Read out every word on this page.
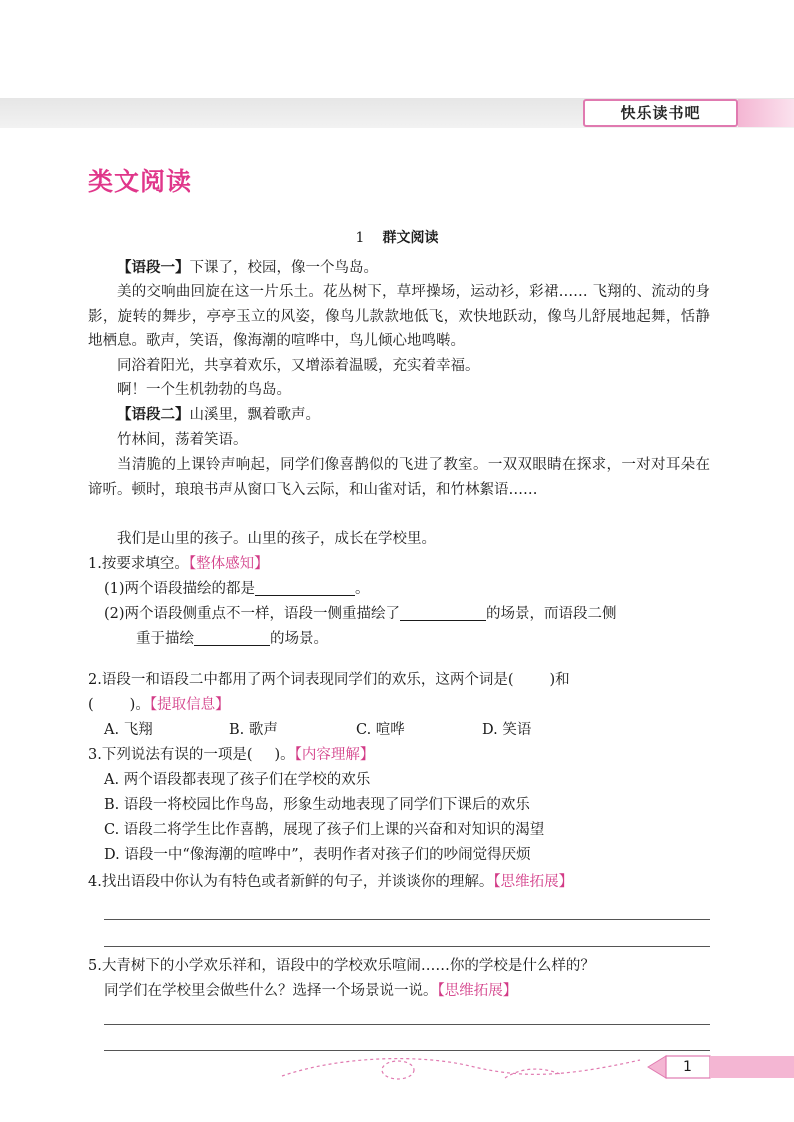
快乐读书吧
类文阅读
1 群文阅读
【语段一】下课了，校园，像一个鸟岛。
美的交响曲回旋在这一片乐土。花丛树下，草坪操场，运动衫，彩裙…… 飞翔的、流动的身影，旋转的舞步，亭亭玉立的风姿，像鸟儿款款地低飞，欢快地跃动，像鸟儿舒展地起舞，恬静地栖息。歌声，笑语，像海潮的喧哗中，鸟儿倾心地鸣啭。
同浴着阳光，共享着欢乐，又增添着温暖，充实着幸福。
啊！一个生机勃勃的鸟岛。
【语段二】山溪里，飘着歌声。
竹林间，荡着笑语。
当清脆的上课铃声响起，同学们像喜鹊似的飞进了教室。一双双眼睛在探求，一对对耳朵在谛听。顿时，琅琅书声从窗口飞入云际，和山雀对话，和竹林絮语……
我们是山里的孩子。山里的孩子，成长在学校里。
1.按要求填空。【整体感知】
(1)两个语段描绘的都是	。
(2)两个语段侧重点不一样，语段一侧重描绘了	的场景，而语段二侧
重于描绘	的场景。
2.语段一和语段二中都用了两个词表现同学们的欢乐，这两个词是( )和
( )。【提取信息】
A. 飞翔	B. 歌声	C. 喧哗	D. 笑语
3.下列说法有误的一项是( )。【内容理解】
A. 两个语段都表现了孩子们在学校的欢乐
B. 语段一将校园比作鸟岛，形象生动地表现了同学们下课后的欢乐
C. 语段二将学生比作喜鹊，展现了孩子们上课的兴奋和对知识的渴望
D. 语段一中“像海潮的喧哗中”，表明作者对孩子们的吵闹觉得厌烦
4.找出语段中你认为有特色或者新鲜的句子，并谈谈你的理解。【思维拓展】
5.大青树下的小学欢乐祥和，语段中的学校欢乐喧闹……你的学校是什么样的？
同学们在学校里会做些什么？选择一个场景说一说。【思维拓展】
1
